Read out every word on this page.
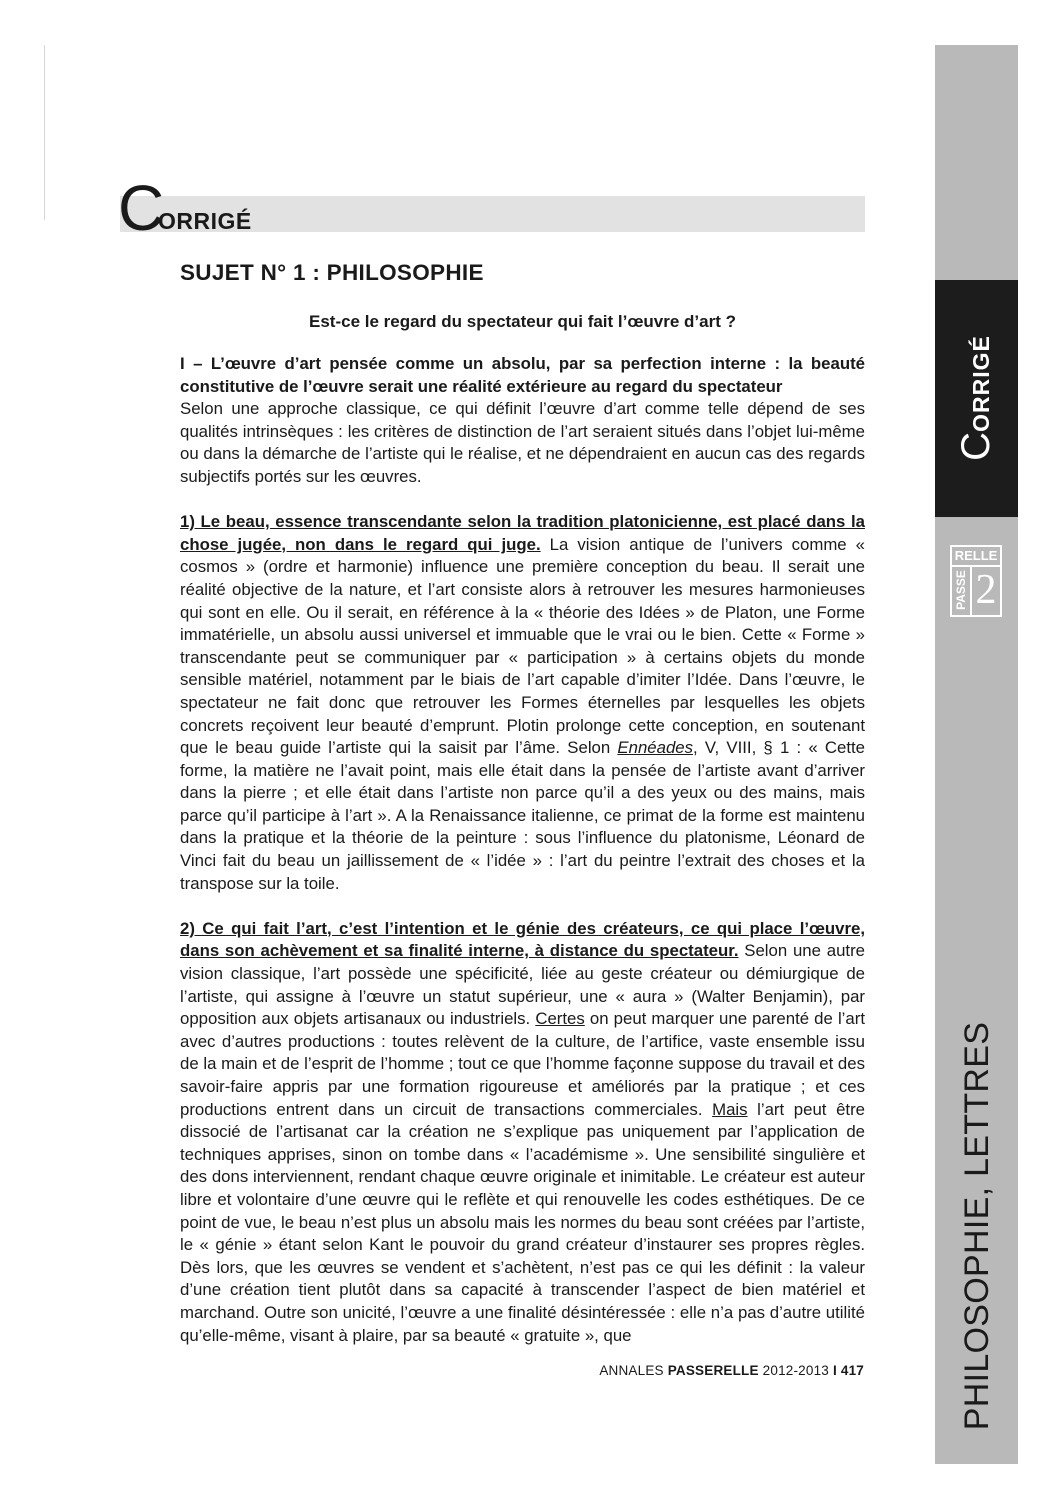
C
ORRIGÉ
SUJET N° 1 : PHILOSOPHIE
Est-ce le regard du spectateur qui fait l’œuvre d’art ?

I – L’œuvre d’art pensée comme un absolu, par sa perfection interne : la beauté constitutive de l’œuvre serait une réalité extérieure au regard du spectateur
Selon une approche classique, ce qui définit l’œuvre d’art comme telle dépend de ses qualités intrinsèques : les critères de distinction de l’art seraient situés dans l’objet lui-même ou dans la démarche de l’artiste qui le réalise, et ne dépendraient en aucun cas des regards subjectifs portés sur les œuvres.

1) Le beau, essence transcendante selon la tradition platonicienne, est placé dans la chose jugée, non dans le regard qui juge. La vision antique de l’univers comme « cosmos » (ordre et harmonie) influence une première conception du beau. Il serait une réalité objective de la nature, et l’art consiste alors à retrouver les mesures harmonieuses qui sont en elle. Ou il serait, en référence à la « théorie des Idées » de Platon, une Forme immatérielle, un absolu aussi universel et immuable que le vrai ou le bien. Cette « Forme » transcendante peut se communiquer par « participation » à certains objets du monde sensible matériel, notamment par le biais de l’art capable d’imiter l’Idée. Dans l’œuvre, le spectateur ne fait donc que retrouver les Formes éternelles par lesquelles les objets concrets reçoivent leur beauté d’emprunt. Plotin prolonge cette conception, en soutenant que le beau guide l’artiste qui la saisit par l’âme. Selon Ennéades, V, VIII, § 1 : « Cette forme, la matière ne l’avait point, mais elle était dans la pensée de l’artiste avant d’arriver dans la pierre ; et elle était dans l’artiste non parce qu’il a des yeux ou des mains, mais parce qu’il participe à l’art ». A la Renaissance italienne, ce primat de la forme est maintenu dans la pratique et la théorie de la peinture : sous l’influence du platonisme, Léonard de Vinci fait du beau un jaillissement de « l’idée » : l’art du peintre l’extrait des choses et la transpose sur la toile.

2) Ce qui fait l’art, c’est l’intention et le génie des créateurs, ce qui place l’œuvre, dans son achèvement et sa finalité interne, à distance du spectateur. Selon une autre vision classique, l’art possède une spécificité, liée au geste créateur ou démiurgique de l’artiste, qui assigne à l’œuvre un statut supérieur, une « aura » (Walter Benjamin), par opposition aux objets artisanaux ou industriels. Certes on peut marquer une parenté de l’art avec d’autres productions : toutes relèvent de la culture, de l’artifice, vaste ensemble issu de la main et de l’esprit de l’homme ; tout ce que l’homme façonne suppose du travail et des savoir-faire appris par une formation rigoureuse et améliorés par la pratique ; et ces productions entrent dans un circuit de transactions commerciales. Mais l’art peut être dissocié de l’artisanat car la création ne s’explique pas uniquement par l’application de techniques apprises, sinon on tombe dans « l’académisme ». Une sensibilité singulière et des dons interviennent, rendant chaque œuvre originale et inimitable. Le créateur est auteur libre et volontaire d’une œuvre qui le reflète et qui renouvelle les codes esthétiques. De ce point de vue, le beau n’est plus un absolu mais les normes du beau sont créées par l’artiste, le « génie » étant selon Kant le pouvoir du grand créateur d’instaurer ses propres règles. Dès lors, que les œuvres se vendent et s’achètent, n’est pas ce qui les définit : la valeur d’une création tient plutôt dans sa capacité à transcender l’aspect de bien matériel et marchand. Outre son unicité, l’œuvre a une finalité désintéressée : elle n’a pas d’autre utilité qu’elle-même, visant à plaire, par sa beauté « gratuite », que

ANNALES PASSERELLE 2012-2013 I 417
CORRIGÉ
RELLE
PASSE 2
PHILOSOPHIE, LETTRES
